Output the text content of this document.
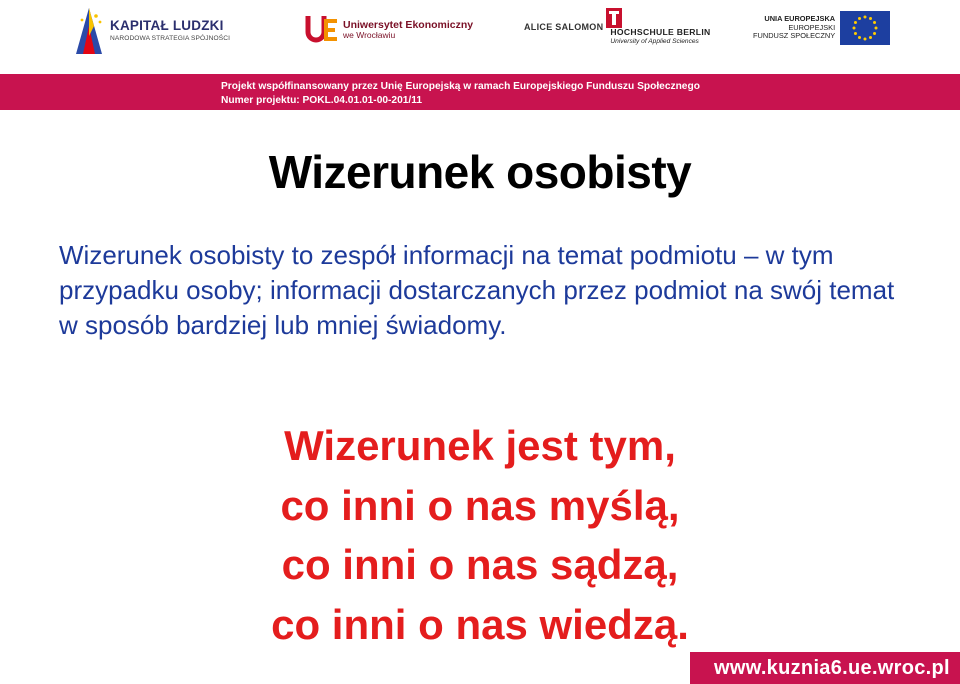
KAPITAŁ LUDZKI
NARODOWA STRATEGIA SPÓJNOŚCI
Uniwersytet Ekonomiczny
we Wrocławiu
ALICE SALOMON
HOCHSCHULE BERLIN
University of Applied Sciences
UNIA EUROPEJSKA
EUROPEJSKI
FUNDUSZ SPOŁECZNY
Projekt współfinansowany przez Unię Europejską w ramach Europejskiego Funduszu Społecznego
Numer projektu: POKL.04.01.01-00-201/11
Wizerunek osobisty
Wizerunek osobisty to zespół informacji na temat podmiotu – w tym przypadku osoby; informacji dostarczanych przez podmiot na swój temat w sposób bardziej lub mniej świadomy.
Wizerunek jest tym,
co inni o nas myślą,
co inni o nas sądzą,
co inni o nas wiedzą.
www.kuznia6.ue.wroc.pl
